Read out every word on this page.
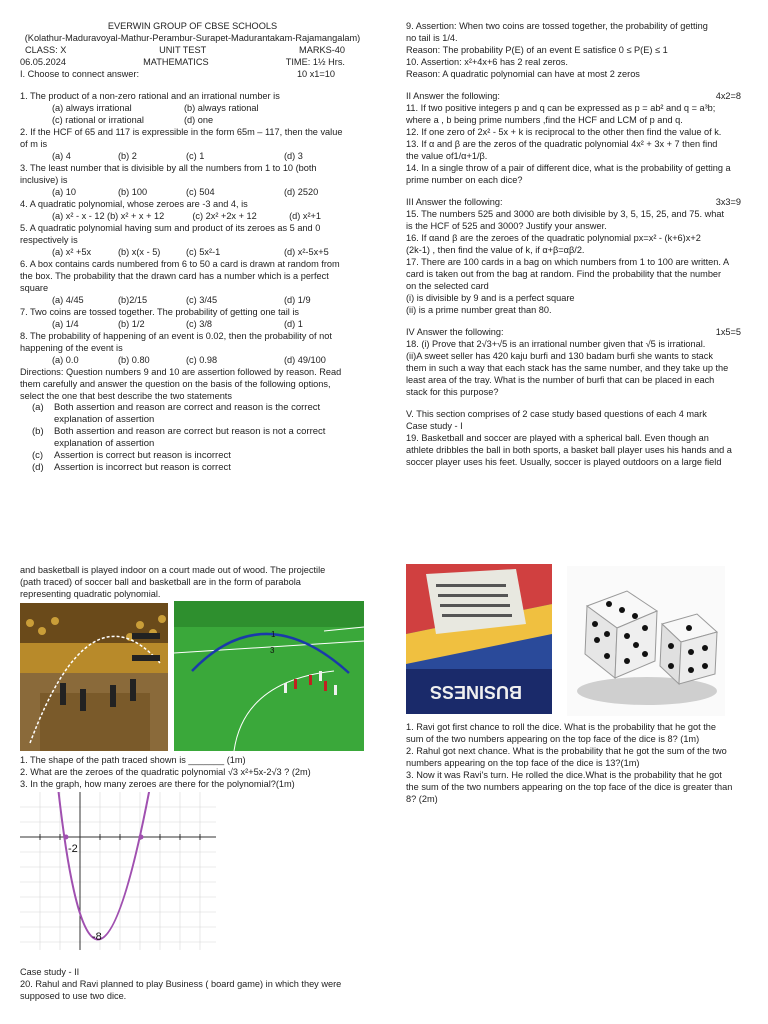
EVERWIN GROUP OF CBSE SCHOOLS
(Kolathur-Maduravoyal-Mathur-Perambur-Surapet-Madurantakam-Rajamangalam)
CLASS: X	UNIT TEST	MARKS-40
06.05.2024	MATHEMATICS	TIME: 1½ Hrs.
I. Choose to connect answer:	10 x1=10
1. The product of a non-zero rational and an irrational number is
(a) always irrational	(b) always rational
(c) rational or irrational	(d) one
2. If the HCF of 65 and 117 is expressible in the form 65m – 117, then the value
of m is
(a) 4	(b) 2	(c) 1	(d) 3
3. The least number that is divisible by all the numbers from 1 to 10 (both
inclusive) is
(a) 10	(b) 100	(c) 504	(d) 2520
4. A quadratic polynomial, whose zeroes are -3 and 4, is
(a) x² - x - 12 (b) x² + x + 12	(c) 2x² +2x + 12	(d) x²+1
5. A quadratic polynomial having sum and product of its zeroes as 5 and 0
respectively is
(a) x² +5x	(b) x(x - 5)	(c) 5x²-1	(d) x²-5x+5
6. A box contains cards numbered from 6 to 50 a card is drawn at random from
the box. The probability that the drawn card has a number which is a perfect
square
(a) 4/45	(b)2/15	(c) 3/45	(d) 1/9
7. Two coins are tossed together. The probability of getting one tail is
(a) 1/4	(b) 1/2	(c) 3/8	(d) 1
8. The probability of happening of an event is 0.02, then the probability of not
happening of the event is
(a) 0.0	(b) 0.80	(c) 0.98	(d) 49/100
Directions: Question numbers 9 and 10 are assertion followed by reason. Read
them carefully and answer the question on the basis of the following options,
select the one that best describe the two statements
(a)	Both assertion and reason are correct and reason is the correct
explanation of assertion
(b)	Both assertion and reason are correct but reason is not a correct
explanation of assertion
(c)	Assertion is correct but reason is incorrect
(d)	Assertion is incorrect but reason is correct
9. Assertion: When two coins are tossed together, the probability of getting
no tail is 1/4.
Reason: The probability P(E) of an event E satisfice 0 ≤ P(E) ≤ 1
10. Assertion: x²+4x+6 has 2 real zeros.
Reason: A quadratic polynomial can have at most 2 zeros
II Answer the following:	4x2=8
11. If two positive integers p and q can be expressed as p = ab² and q = a³b;
where a , b being prime numbers ,find the HCF and LCM of p and q.
12. If one zero of 2x² - 5x + k is reciprocal to the other then find the value of k.
13. If α and β are the zeros of the quadratic polynomial 4x² + 3x + 7 then find
the value of1/α+1/β.
14. In a single throw of a pair of different dice, what is the probability of getting a
prime number on each dice?
III Answer the following:	3x3=9
15. The numbers 525 and 3000 are both divisible by 3, 5, 15, 25, and 75. what
is the HCF of 525 and 3000? Justify your answer.
16. If αand β are the zeroes of the quadratic polynomial px=x² - (k+6)x+2
(2k-1) , then find the value of k, if α+β=αβ/2.
17. There are 100 cards in a bag on which numbers from 1 to 100 are written. A
card is taken out from the bag at random. Find the probability that the number
on the selected card
(i) is divisible by 9 and is a perfect square
(ii) is a prime number great than 80.
IV Answer the following:	1x5=5
18. (i) Prove that 2√3+√5 is an irrational number given that √5 is irrational.
(ii)A sweet seller has 420 kaju burfi and 130 badam burfi she wants to stack
them in such a way that each stack has the same number, and they take up the
least area of the tray. What is the number of burfi that can be placed in each
stack for this purpose?
V. This section comprises of 2 case study based questions of each 4 mark
Case study - I
19. Basketball and soccer are played with a spherical ball. Even though an
athlete dribbles the ball in both sports, a basket ball player uses his hands and a
soccer player uses his feet. Usually, soccer is played outdoors on a large field
and basketball is played indoor on a court made out of wood. The projectile
(path traced) of soccer ball and basketball are in the form of parabola
representing quadratic polynomial.
1
3
1. The shape of the path traced shown is _______ (1m)
2. What are the zeroes of the quadratic polynomial √3 x²+5x-2√3 ? (2m)
3. In the graph, how many zeroes are there for the polynomial?(1m)
-2
-8
Case study - II
20. Rahul and Ravi planned to play Business ( board game) in which they were
supposed to use two dice.
BUSINESS
1. Ravi got first chance to roll the dice. What is the probability that he got the
sum of the two numbers appearing on the top face of the dice is 8? (1m)
2. Rahul got next chance. What is the probability that he got the sum of the two
numbers appearing on the top face of the dice is 13?(1m)
3. Now it was Ravi's turn. He rolled the dice.What is the probability that he got
the sum of the two numbers appearing on the top face of the dice is greater than
8? (2m)
